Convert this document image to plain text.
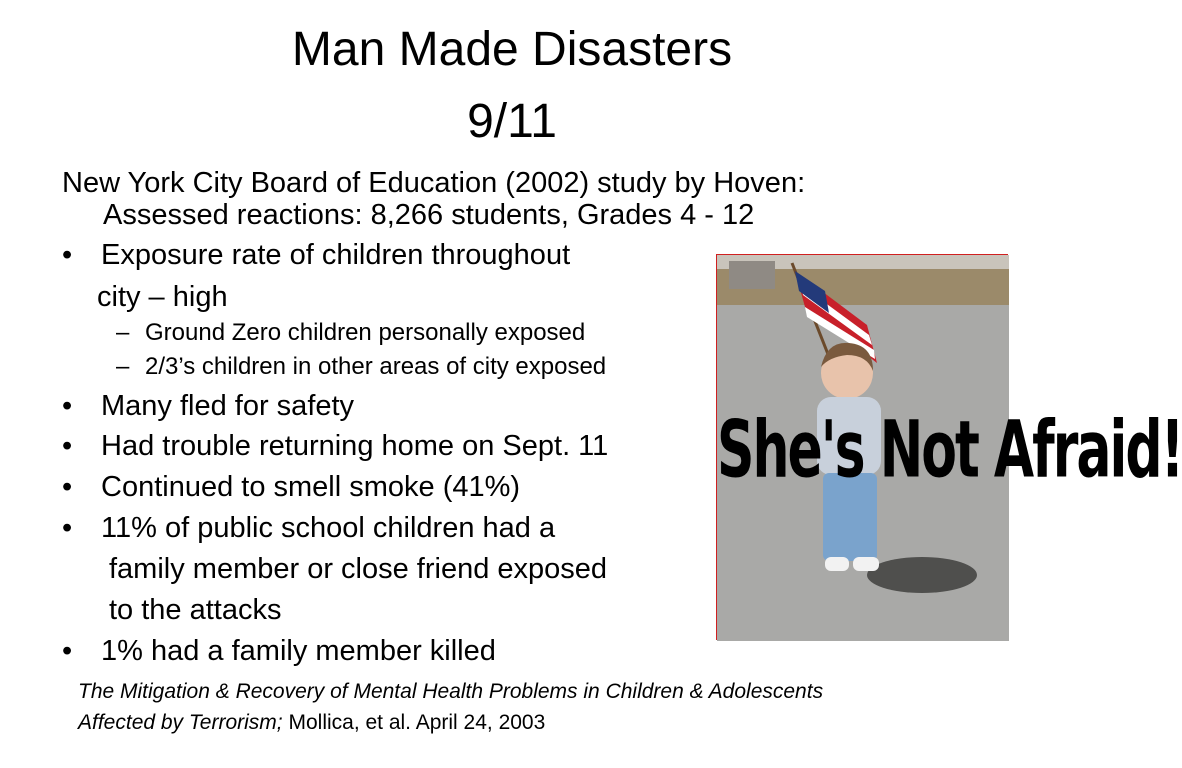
Man Made Disasters
9/11
New York City Board of Education (2002) study by Hoven:
Assessed reactions: 8,266 students, Grades 4 - 12
• Exposure rate of children throughout
city – high
– Ground Zero children personally exposed
– 2/3’s children in other areas of city exposed
• Many fled for safety
• Had trouble returning home on Sept. 11
• Continued to smell smoke (41%)
• 11% of public school children had a
family member or close friend exposed
to the attacks
• 1% had a family member killed
The Mitigation & Recovery of Mental Health Problems in Children & Adolescents
Affected by Terrorism; Mollica, et al. April 24, 2003
She's Not Afraid!
